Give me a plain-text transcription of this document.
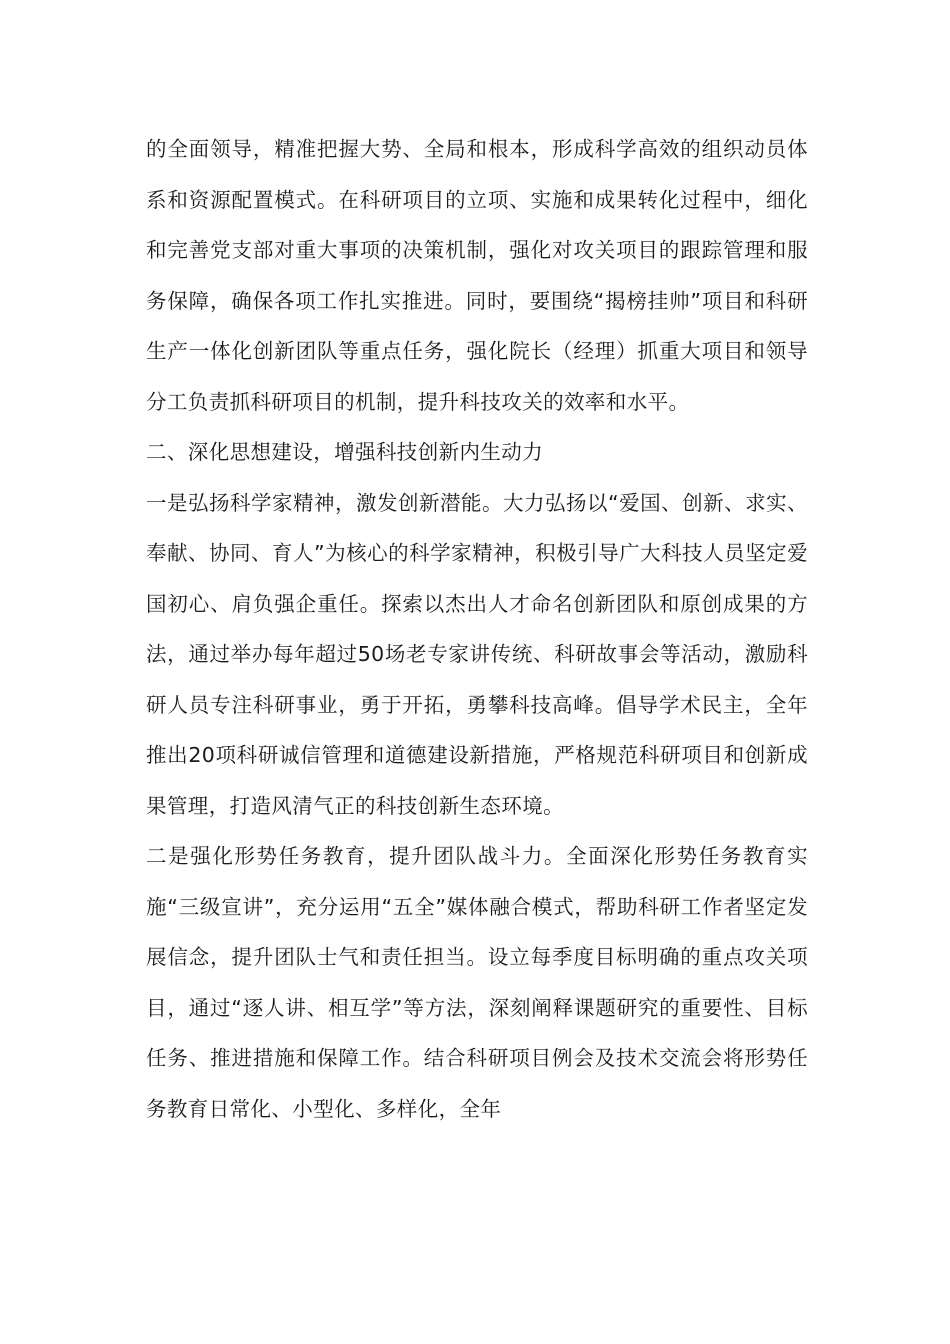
的全面领导，精准把握大势、全局和根本，形成科学高效的组织动员体系和资源配置模式。在科研项目的立项、实施和成果转化过程中，细化和完善党支部对重大事项的决策机制，强化对攻关项目的跟踪管理和服务保障，确保各项工作扎实推进。同时，要围绕“揭榜挂帅”项目和科研生产一体化创新团队等重点任务，强化院长（经理）抓重大项目和领导分工负责抓科研项目的机制，提升科技攻关的效率和水平。

二、深化思想建设，增强科技创新内生动力

一是弘扬科学家精神，激发创新潜能。大力弘扬以“爱国、创新、求实、奉献、协同、育人”为核心的科学家精神，积极引导广大科技人员坚定爱国初心、肩负强企重任。探索以杰出人才命名创新团队和原创成果的方法，通过举办每年超过50场老专家讲传统、科研故事会等活动，激励科研人员专注科研事业，勇于开拓，勇攀科技高峰。倡导学术民主，全年推出20项科研诚信管理和道德建设新措施，严格规范科研项目和创新成果管理，打造风清气正的科技创新生态环境。

二是强化形势任务教育，提升团队战斗力。全面深化形势任务教育实施“三级宣讲”，充分运用“五全”媒体融合模式，帮助科研工作者坚定发展信念，提升团队士气和责任担当。设立每季度目标明确的重点攻关项目，通过“逐人讲、相互学”等方法，深刻阐释课题研究的重要性、目标任务、推进措施和保障工作。结合科研项目例会及技术交流会将形势任务教育日常化、小型化、多样化，全年
